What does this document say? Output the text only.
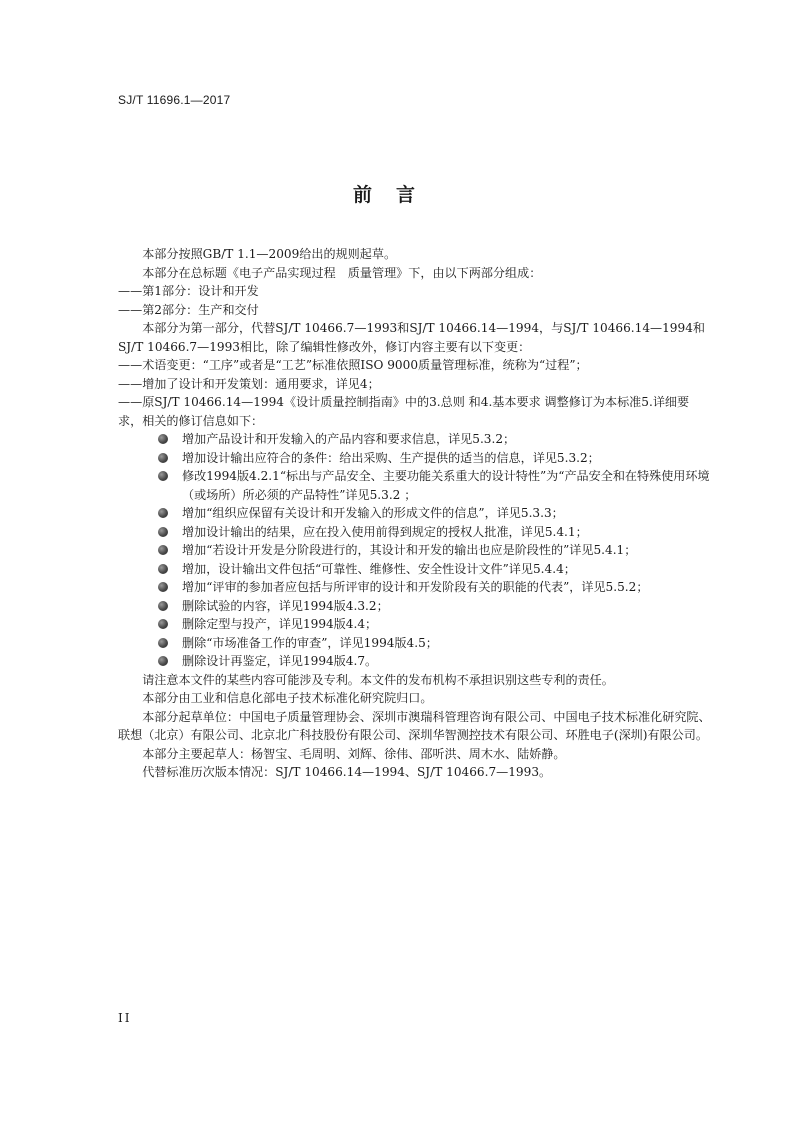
SJ/T 11696.1—2017
前言

本部分按照GB/T 1.1—2009给出的规则起草。

本部分在总标题《电子产品实现过程　质量管理》下，由以下两部分组成：

——第1部分：设计和开发

——第2部分：生产和交付

本部分为第一部分，代替SJ/T 10466.7—1993和SJ/T 10466.14—1994，与SJ/T 10466.14—1994和SJ/T 10466.7—1993相比，除了编辑性修改外，修订内容主要有以下变更：

——术语变更：“工序”或者是“工艺”标准依照ISO 9000质量管理标准，统称为“过程”；

——增加了设计和开发策划：通用要求，详见4；

——原SJ/T 10466.14—1994《设计质量控制指南》中的3.总则 和4.基本要求 调整修订为本标准5.详细要求，相关的修订信息如下：

增加产品设计和开发输入的产品内容和要求信息，详见5.3.2；
增加设计输出应符合的条件：给出采购、生产提供的适当的信息，详见5.3.2；
修改1994版4.2.1“标出与产品安全、主要功能关系重大的设计特性”为“产品安全和在特殊使用环境（或场所）所必须的产品特性”详见5.3.2 ；
增加“组织应保留有关设计和开发输入的形成文件的信息”，详见5.3.3；
增加设计输出的结果，应在投入使用前得到规定的授权人批准，详见5.4.1；
增加“若设计开发是分阶段进行的，其设计和开发的输出也应是阶段性的”详见5.4.1；
增加，设计输出文件包括“可靠性、维修性、安全性设计文件”详见5.4.4；
增加“评审的参加者应包括与所评审的设计和开发阶段有关的职能的代表”，详见5.5.2；
删除试验的内容，详见1994版4.3.2；
删除定型与投产，详见1994版4.4；
删除“市场准备工作的审查”，详见1994版4.5；
删除设计再鉴定，详见1994版4.7。

请注意本文件的某些内容可能涉及专利。本文件的发布机构不承担识别这些专利的责任。

本部分由工业和信息化部电子技术标准化研究院归口。

本部分起草单位：中国电子质量管理协会、深圳市澳瑞科管理咨询有限公司、中国电子技术标准化研究院、联想（北京）有限公司、北京北广科技股份有限公司、深圳华智测控技术有限公司、环胜电子(深圳)有限公司。

本部分主要起草人：杨智宝、毛周明、刘辉、徐伟、邵听洪、周木水、陆娇静。

代替标准历次版本情况：SJ/T 10466.14—1994、SJ/T 10466.7—1993。

II
